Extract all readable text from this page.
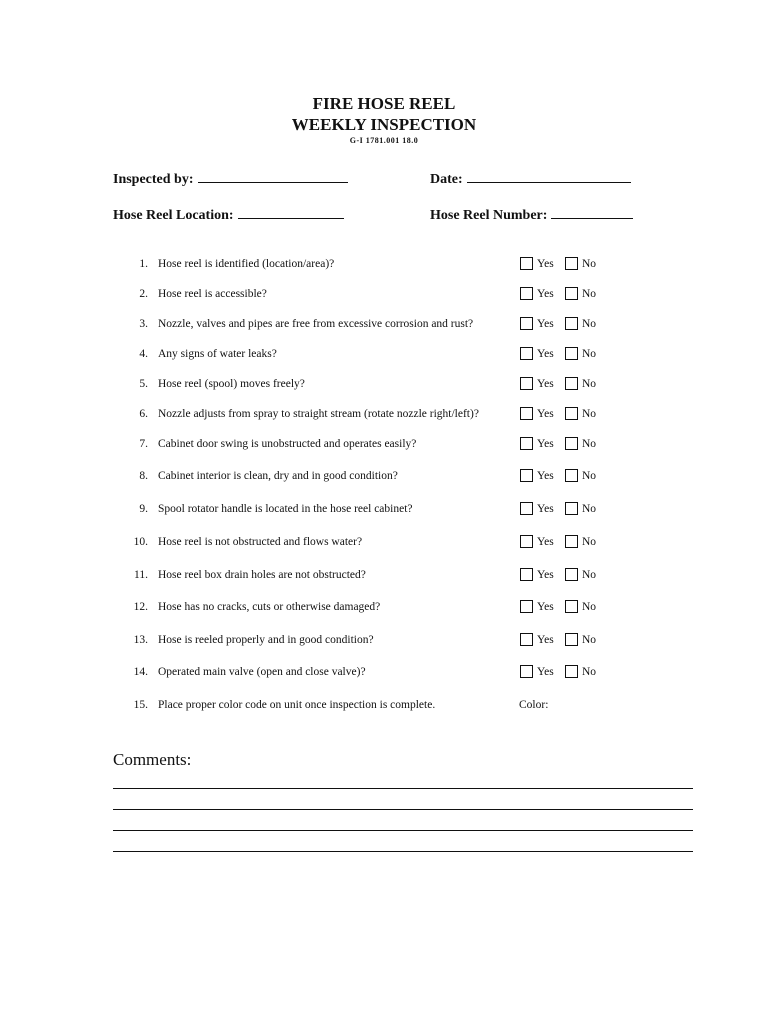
FIRE HOSE REEL
WEEKLY INSPECTION
G-I 1781.001 18.0
Inspected by:	Date:
Hose Reel Location:	Hose Reel Number:
1. Hose reel is identified (location/area)?	Yes No
2. Hose reel is accessible?	Yes No
3. Nozzle, valves and pipes are free from excessive corrosion and rust?	Yes No
4. Any signs of water leaks?	Yes No
5. Hose reel (spool) moves freely?	Yes No
6. Nozzle adjusts from spray to straight stream (rotate nozzle right/left)?	Yes No
7. Cabinet door swing is unobstructed and operates easily?	Yes No
8. Cabinet interior is clean, dry and in good condition?	Yes No
9. Spool rotator handle is located in the hose reel cabinet?	Yes No
10. Hose reel is not obstructed and flows water?	Yes No
11. Hose reel box drain holes are not obstructed?	Yes No
12. Hose has no cracks, cuts or otherwise damaged?	Yes No
13. Hose is reeled properly and in good condition?	Yes No
14. Operated main valve (open and close valve)?	Yes No
15. Place proper color code on unit once inspection is complete.	Color:
Comments:
